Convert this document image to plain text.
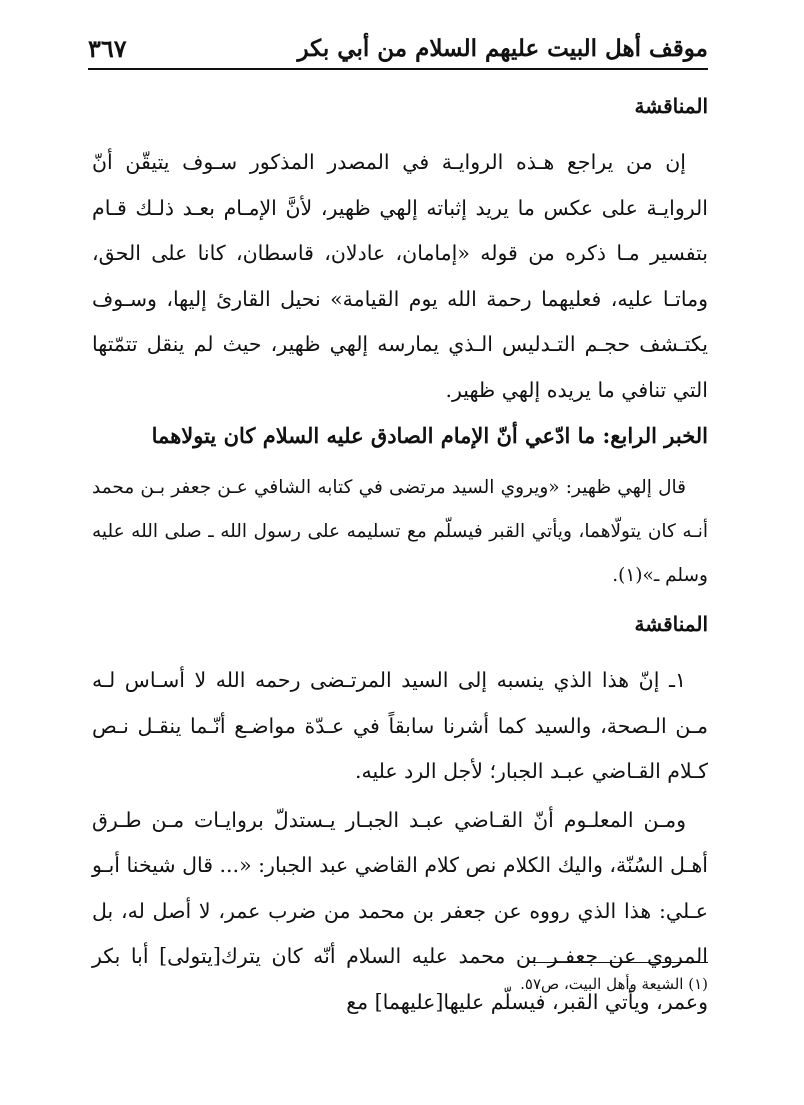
موقف أهل البيت عليهم السلام من أبي بكر
٣٦٧
المناقشة

إن من يراجع هـذه الروايـة في المصدر المذكور سـوف يتيقّن أنّ الروايـة على عكس ما يريد إثباته إلهي ظهير، لأنَّ الإمـام بعـد ذلـك قـام بتفسير مـا ذكره من قوله «إمامان، عادلان، قاسطان، كانا على الحق، وماتـا عليه، فعليهما رحمة الله يوم القيامة» نحيل القارئ إليها، وسـوف يكتـشف حجـم التـدليس الـذي يمارسه إلهي ظهير، حيث لم ينقل تتمّتها التي تنافي ما يريده إلهي ظهير.

الخبر الرابع: ما ادّعي أنّ الإمام الصادق عليه السلام كان يتولاهما

قال إلهي ظهير: «ويروي السيد مرتضى في كتابه الشافي عـن جعفر بـن محمد أنـه كان يتولّاهما، ويأتي القبر فيسلّم مع تسليمه على رسول الله ـ صلى الله عليه وسلم ـ»(١).

المناقشة

١ـ إنّ هذا الذي ينسبه إلى السيد المرتـضى رحمه الله لا أسـاس لـه مـن الـصحة، والسيد كما أشرنا سابقاً في عـدّة مواضـع أنّـما ينقـل نـص كـلام القـاضي عبـد الجبار؛ لأجل الرد عليه.

ومـن المعلـوم أنّ القـاضي عبـد الجبـار يـستدلّ بروايـات مـن طـرق أهـل السُنّة، واليك الكلام نص كلام القاضي عبد الجبار: «... قال شيخنا أبـو عـلي: هذا الذي رووه عن جعفر بن محمد من ضرب عمر، لا أصل له، بل المروي عن جعفـر بن محمد عليه السلام أنّه كان يترك[يتولى] أبا بكر وعمر، ويأتي القبر، فيسلّم عليها[عليهما] مع

(١) الشيعة وأهل البيت، ص٥٧.
